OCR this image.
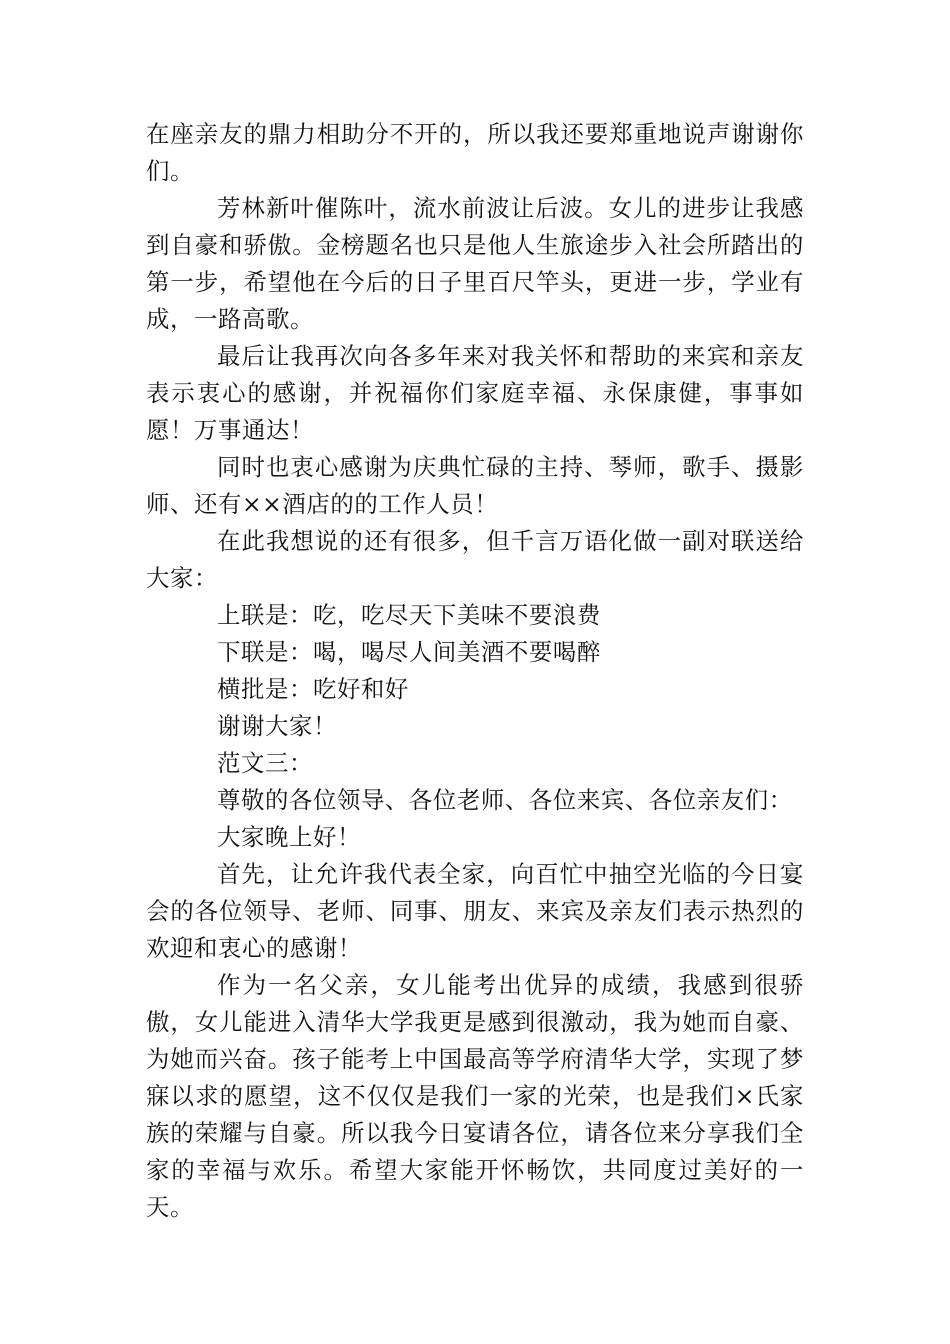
在座亲友的鼎力相助分不开的，所以我还要郑重地说声谢谢你们。

芳林新叶催陈叶，流水前波让后波。女儿的进步让我感到自豪和骄傲。金榜题名也只是他人生旅途步入社会所踏出的第一步，希望他在今后的日子里百尺竿头，更进一步，学业有成，一路高歌。

最后让我再次向各多年来对我关怀和帮助的来宾和亲友表示衷心的感谢，并祝福你们家庭幸福、永保康健，事事如愿！万事通达！

同时也衷心感谢为庆典忙碌的主持、琴师，歌手、摄影师、还有××酒店的的工作人员！

在此我想说的还有很多，但千言万语化做一副对联送给大家：

上联是：吃，吃尽天下美味不要浪费

下联是：喝，喝尽人间美酒不要喝醉

横批是：吃好和好

谢谢大家！

范文三：

尊敬的各位领导、各位老师、各位来宾、各位亲友们：

大家晚上好！

首先，让允许我代表全家，向百忙中抽空光临的今日宴会的各位领导、老师、同事、朋友、来宾及亲友们表示热烈的欢迎和衷心的感谢！

作为一名父亲，女儿能考出优异的成绩，我感到很骄傲，女儿能进入清华大学我更是感到很激动，我为她而自豪、为她而兴奋。孩子能考上中国最高等学府清华大学，实现了梦寐以求的愿望，这不仅仅是我们一家的光荣，也是我们×氏家族的荣耀与自豪。所以我今日宴请各位，请各位来分享我们全家的幸福与欢乐。希望大家能开怀畅饮，共同度过美好的一天。
